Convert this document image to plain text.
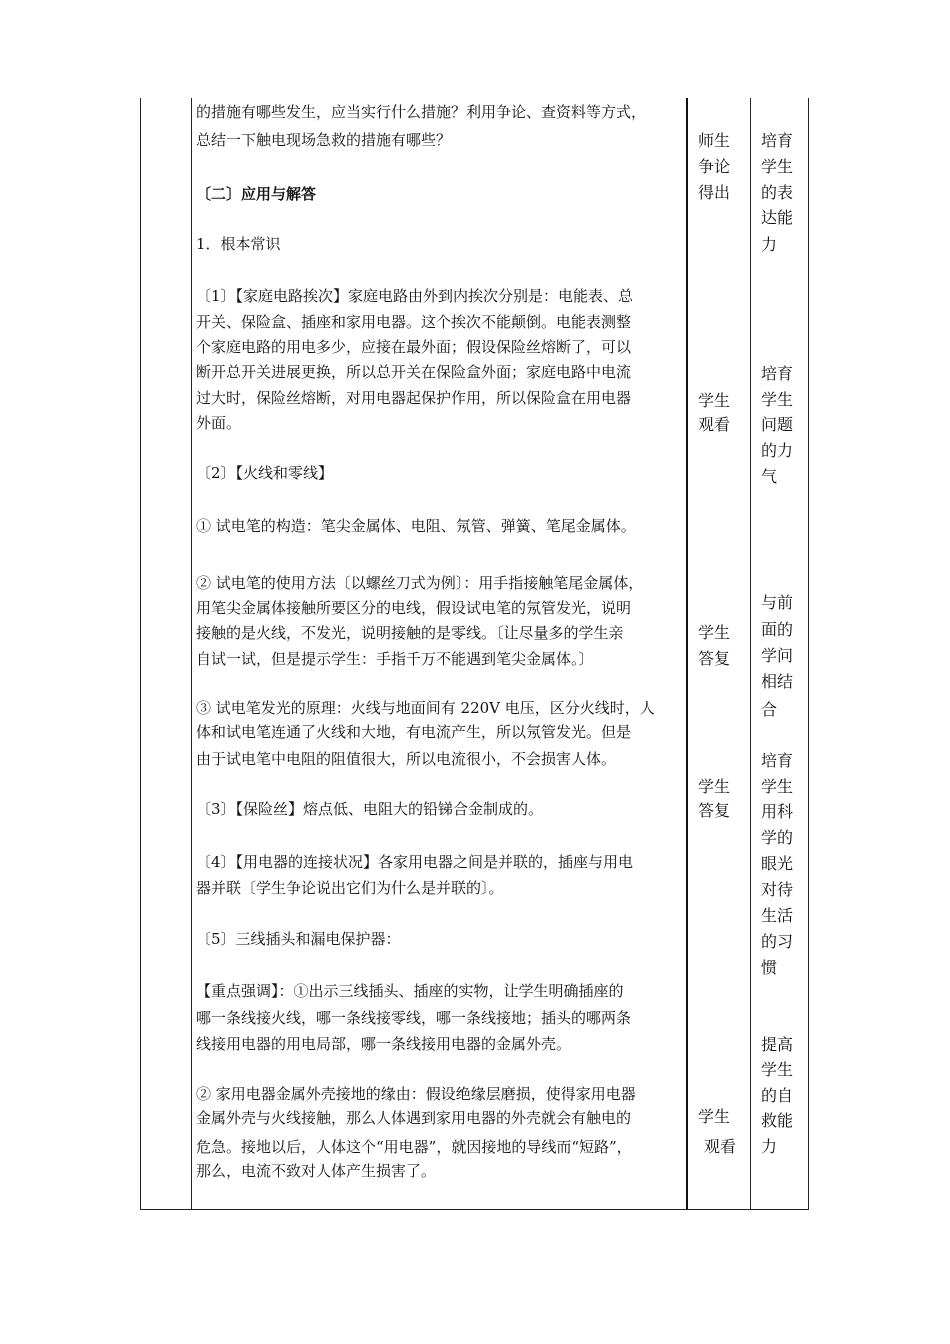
的措施有哪些发生，应当实行什么措施？利用争论、查资料等方式，
总结一下触电现场急救的措施有哪些？
〔二〕应用与解答
1．根本常识
〔1〕【家庭电路挨次】家庭电路由外到内挨次分别是：电能表、总
开关、保险盒、插座和家用电器。这个挨次不能颠倒。电能表测整
个家庭电路的用电多少，应接在最外面；假设保险丝熔断了，可以
断开总开关进展更换，所以总开关在保险盒外面；家庭电路中电流
过大时，保险丝熔断，对用电器起保护作用，所以保险盒在用电器
外面。
〔2〕【火线和零线】
① 试电笔的构造：笔尖金属体、电阻、氖管、弹簧、笔尾金属体。
② 试电笔的使用方法〔以螺丝刀式为例〕：用手指接触笔尾金属体，
用笔尖金属体接触所要区分的电线，假设试电笔的氖管发光，说明
接触的是火线，不发光，说明接触的是零线。〔让尽量多的学生亲
自试一试，但是提示学生：手指千万不能遇到笔尖金属体。〕
③ 试电笔发光的原理：火线与地面间有 220V 电压，区分火线时，人
体和试电笔连通了火线和大地，有电流产生，所以氖管发光。但是
由于试电笔中电阻的阻值很大，所以电流很小，不会损害人体。
〔3〕【保险丝】熔点低、电阻大的铅锑合金制成的。
〔4〕【用电器的连接状况】各家用电器之间是并联的，插座与用电
器并联〔学生争论说出它们为什么是并联的〕。
〔5〕三线插头和漏电保护器：
【重点强调】：①出示三线插头、插座的实物，让学生明确插座的
哪一条线接火线，哪一条线接零线，哪一条线接地；插头的哪两条
线接用电器的用电局部，哪一条线接用电器的金属外壳。
② 家用电器金属外壳接地的缘由：假设绝缘层磨损，使得家用电器
金属外壳与火线接触，那么人体遇到家用电器的外壳就会有触电的
危急。接地以后，人体这个“用电器”，就因接地的导线而“短路”，
那么，电流不致对人体产生损害了。
师生
争论
得出
学生
观看
学生
答复
学生
答复
学生
观看
培育
学生
的表
达能
力
培育
学生
问题
的力
气
与前
面的
学问
相结
合
培育
学生
用科
学的
眼光
对待
生活
的习
惯
提高
学生
的自
救能
力
